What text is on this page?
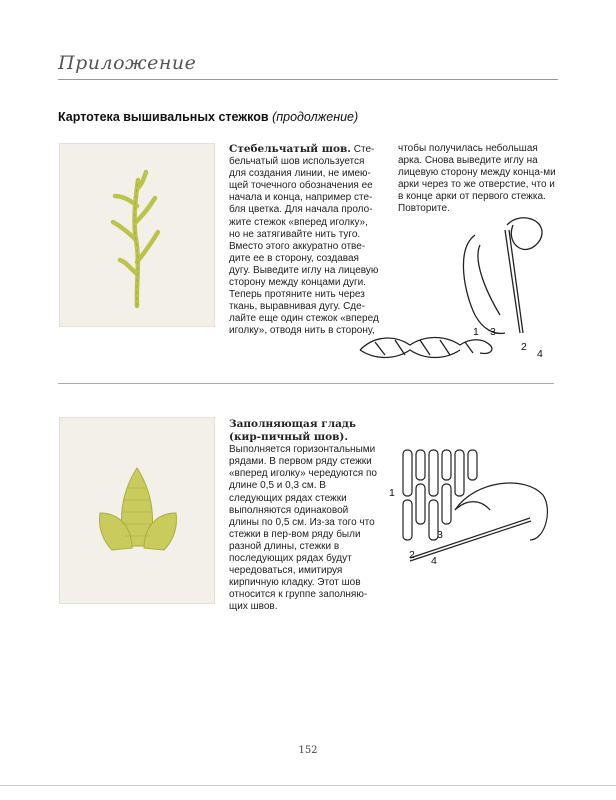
Приложение
Картотека вышивальных стежков (продолжение)
Стебельчатый шов. Сте-бельчатый шов используется для создания линии, не имею-щей точечного обозначения ее начала и конца, например сте-бля цветка. Для начала проло-жите стежок «вперед иголку», но не затягивайте нить туго. Вместо этого аккуратно отве-дите ее в сторону, создавая дугу. Выведите иглу на лицевую сторону между концами дуги. Теперь протяните нить через ткань, выравнивая дугу. Сде-лайте еще один стежок «вперед иголку», отводя нить в сторону,
чтобы получилась небольшая арка. Снова выведите иглу на лицевую сторону между конца-ми арки через то же отверстие, что и в конце арки от первого стежка. Повторите.
1 3
2
4
Заполняющая гладь (кир-пичный шов). Выполняется горизонтальными рядами. В первом ряду стежки «вперед иголку» чередуются по длине 0,5 и 0,3 см. В следующих рядах стежки выполняются одинаковой длины по 0,5 см. Из-за того что стежки в пер-вом ряду были разной длины, стежки в последующих рядах будут чередоваться, имитируя кирпичную кладку. Этот шов относится к группе заполняю-щих швов.
1
3
2 4
152
